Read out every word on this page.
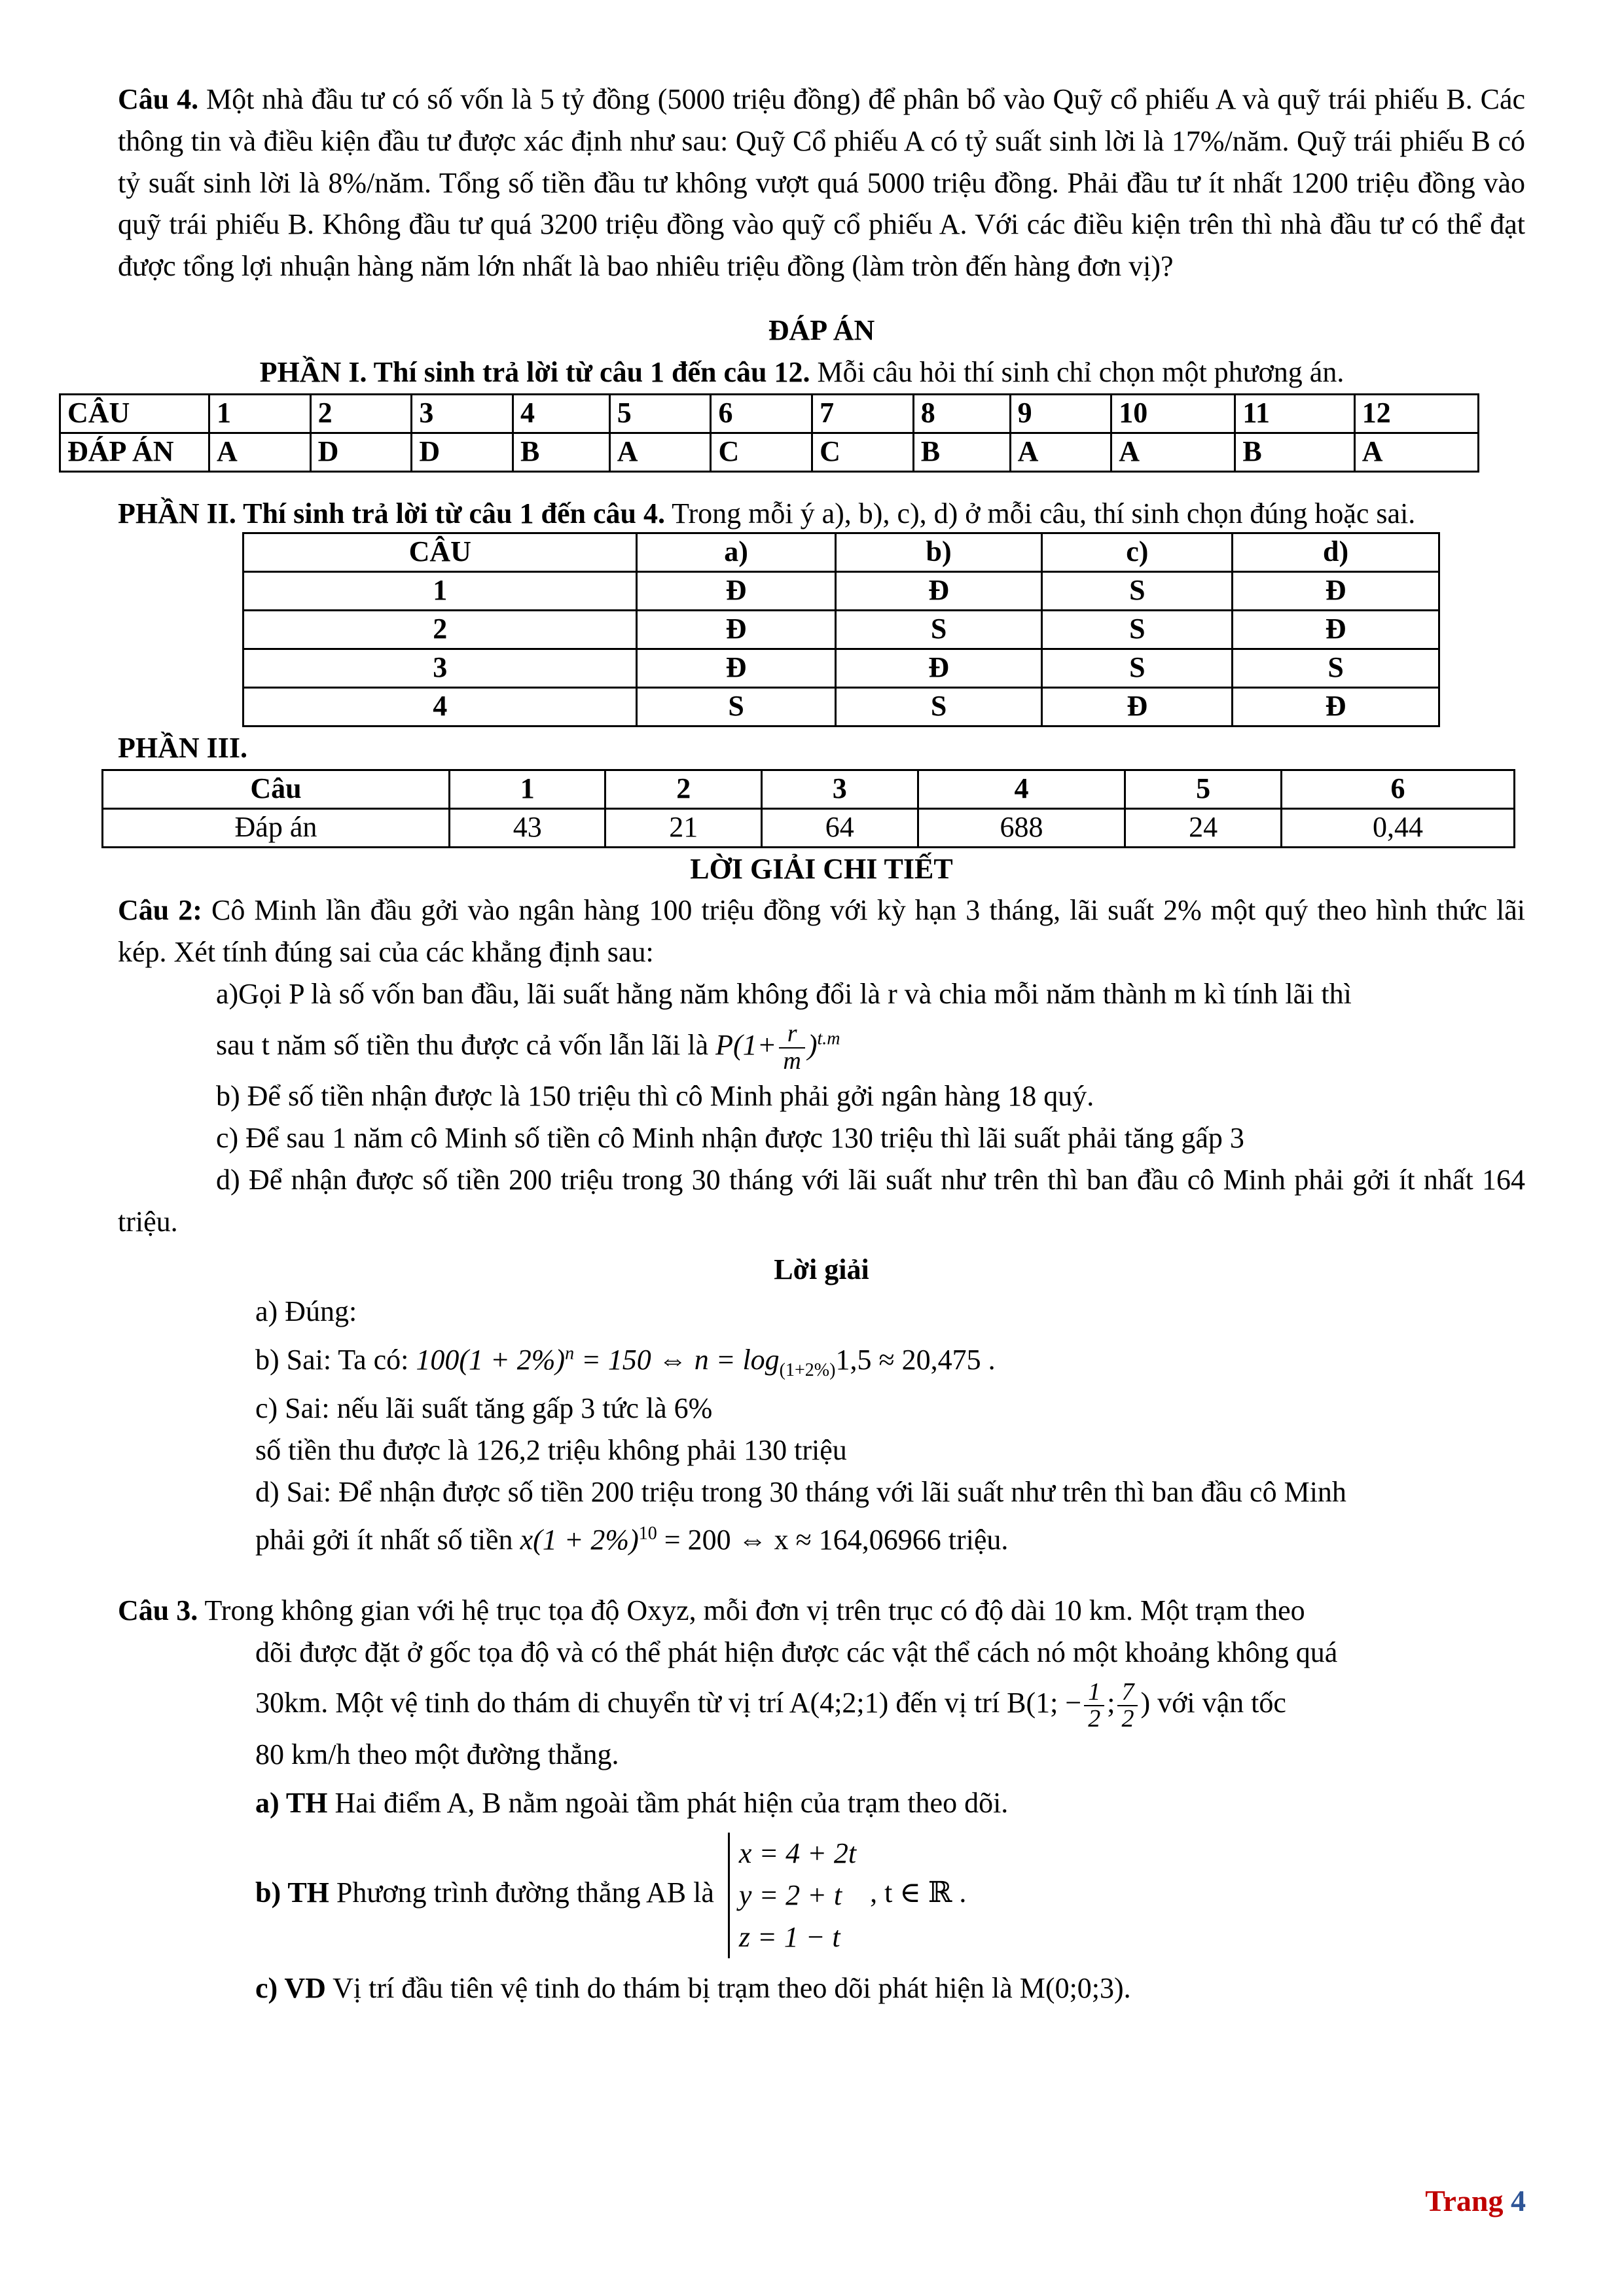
Câu 4. Một nhà đầu tư có số vốn là 5 tỷ đồng (5000 triệu đồng) để phân bổ vào Quỹ cổ phiếu A và quỹ trái phiếu B. Các thông tin và điều kiện đầu tư được xác định như sau: Quỹ Cổ phiếu A có tỷ suất sinh lời là 17%/năm. Quỹ trái phiếu B có tỷ suất sinh lời là 8%/năm. Tổng số tiền đầu tư không vượt quá 5000 triệu đồng. Phải đầu tư ít nhất 1200 triệu đồng vào quỹ trái phiếu B. Không đầu tư quá 3200 triệu đồng vào quỹ cổ phiếu A. Với các điều kiện trên thì nhà đầu tư có thể đạt được tổng lợi nhuận hàng năm lớn nhất là bao nhiêu triệu đồng (làm tròn đến hàng đơn vị)?

ĐÁP ÁN

PHẦN I. Thí sinh trả lời từ câu 1 đến câu 12. Mỗi câu hỏi thí sinh chỉ chọn một phương án.

CÂU	1	2	3	4	5	6	7	8	9	10	11	12
ĐÁP ÁN	A	D	D	B	A	C	C	B	A	A	B	A

PHẦN II. Thí sinh trả lời từ câu 1 đến câu 4. Trong mỗi ý a), b), c), d) ở mỗi câu, thí sinh chọn đúng hoặc sai.

CÂU	a)	b)	c)	d)
1	Đ	Đ	S	Đ
2	Đ	S	S	Đ
3	Đ	Đ	S	S
4	S	S	Đ	Đ
PHẦN III.
Câu	1	2	3	4	5	6
Đáp án	43	21	64	688	24	0,44
LỜI GIẢI CHI TIẾT

Câu 2: Cô Minh lần đầu gởi vào ngân hàng 100 triệu đồng với kỳ hạn 3 tháng, lãi suất 2% một quý theo hình thức lãi kép. Xét tính đúng sai của các khẳng định sau:

a)Gọi P là số vốn ban đầu, lãi suất hằng năm không đổi là r và chia mỗi năm thành m kì tính lãi thì

sau t năm số tiền thu được cả vốn lẫn lãi là $P(1+ \frac{r}{m} )^{t.m}$

b) Để số tiền nhận được là 150 triệu thì cô Minh phải gởi ngân hàng 18 quý.

c) Để sau 1 năm cô Minh số tiền cô Minh nhận được 130 triệu thì lãi suất phải tăng gấp 3

d) Để nhận được số tiền 200 triệu trong 30 tháng với lãi suất như trên thì ban đầu cô Minh phải gởi ít nhất 164 triệu.

Lời giải

a) Đúng:

b) Sai: Ta có: $100(1 + 2\%)^n = 150$ ⇔ $n = \log_{(1+2\%)}1,5 \approx 20,475$ .

c) Sai: nếu lãi suất tăng gấp 3 tức là 6%

số tiền thu được là 126,2 triệu không phải 130 triệu

d) Sai: Để nhận được số tiền 200 triệu trong 30 tháng với lãi suất như trên thì ban đầu cô Minh

phải gởi ít nhất số tiền $x(1 + 2\%)^{10} = 200$ ⇔ x ≈ 164,06966 triệu.

Câu 3. Trong không gian với hệ trục tọa độ Oxyz, mỗi đơn vị trên trục có độ dài 10 km. Một trạm theo

dõi được đặt ở gốc tọa độ và có thể phát hiện được các vật thể cách nó một khoảng không quá

30km. Một vệ tinh do thám di chuyển từ vị trí A(4;2;1) đến vị trí B(1; − $\frac{1}{2}$ ; $\frac{7}{2}$ ) với vận tốc

80 km/h theo một đường thẳng.

a) TH Hai điểm A, B nằm ngoài tầm phát hiện của trạm theo dõi.

b) TH Phương trình đường thẳng AB là
x = 4 + 2t
y = 2 + t
z = 1 − t
, t ∈ ℝ .

c) VD Vị trí đầu tiên vệ tinh do thám bị trạm theo dõi phát hiện là M(0;0;3).

Trang 4
